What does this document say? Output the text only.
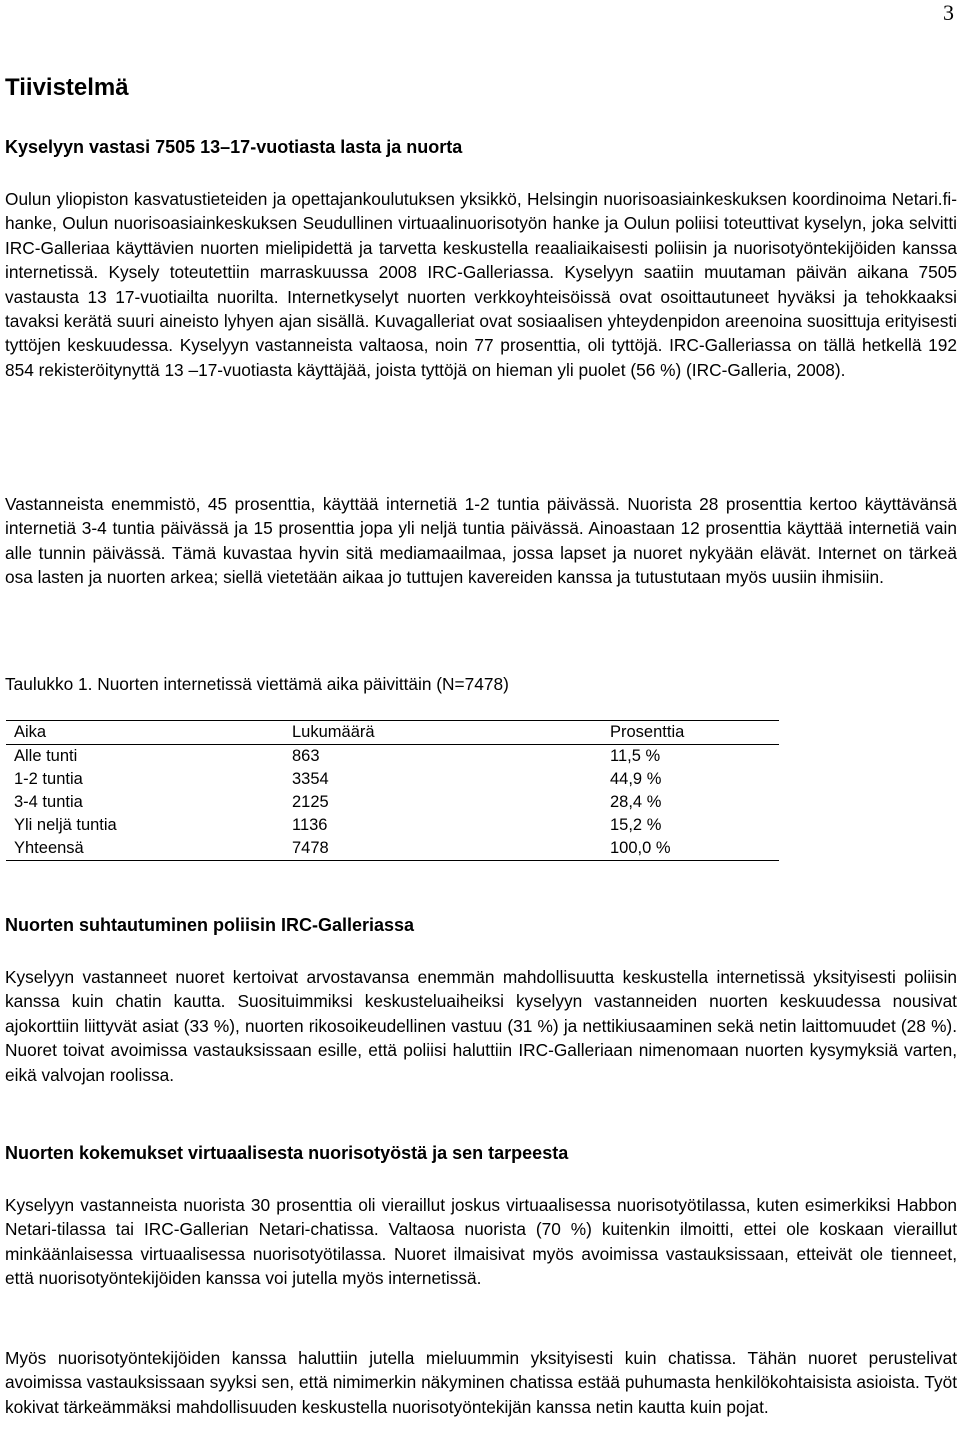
3
Tiivistelmä
Kyselyyn vastasi 7505 13–17-vuotiasta lasta ja nuorta

Oulun yliopiston kasvatustieteiden ja opettajankoulutuksen yksikkö, Helsingin nuorisoasiainkeskuksen koordinoima Netari.fi-hanke, Oulun nuorisoasiainkeskuksen Seudullinen virtuaalinuorisotyön hanke ja Oulun poliisi toteuttivat kyselyn, joka selvitti IRC-Galleriaa käyttävien nuorten mielipidettä ja tarvetta keskustella reaaliaikaisesti poliisin ja nuorisotyöntekijöiden kanssa internetissä. Kysely toteutettiin marraskuussa 2008 IRC-Galleriassa. Kyselyyn saatiin muutaman päivän aikana 7505 vastausta 13 17-vuotiailta nuorilta. Internetkyselyt nuorten verkkoyhteisöissä ovat osoittautuneet hyväksi ja tehokkaaksi tavaksi kerätä suuri aineisto lyhyen ajan sisällä. Kuvagalleriat ovat sosiaalisen yhteydenpidon areenoina suosittuja erityisesti tyttöjen keskuudessa. Kyselyyn vastanneista valtaosa, noin 77 prosenttia, oli tyttöjä. IRC-Galleriassa on tällä hetkellä 192 854 rekisteröitynyttä 13 –17-vuotiasta käyttäjää, joista tyttöjä on hieman yli puolet (56 %) (IRC-Galleria, 2008).

Vastanneista enemmistö, 45 prosenttia, käyttää internetiä 1-2 tuntia päivässä. Nuorista 28 prosenttia kertoo käyttävänsä internetiä 3-4 tuntia päivässä ja 15 prosenttia jopa yli neljä tuntia päivässä. Ainoastaan 12 prosenttia käyttää internetiä vain alle tunnin päivässä. Tämä kuvastaa hyvin sitä mediamaailmaa, jossa lapset ja nuoret nykyään elävät. Internet on tärkeä osa lasten ja nuorten arkea; siellä vietetään aikaa jo tuttujen kavereiden kanssa ja tutustutaan myös uusiin ihmisiin.

Taulukko 1. Nuorten internetissä viettämä aika päivittäin (N=7478)

Aika	Lukumäärä	Prosenttia
Alle tunti	863	11,5 %
1-2 tuntia	3354	44,9 %
3-4 tuntia	2125	28,4 %
Yli neljä tuntia	1136	15,2 %
Yhteensä	7478	100,0 %
Nuorten suhtautuminen poliisin IRC-Galleriassa

Kyselyyn vastanneet nuoret kertoivat arvostavansa enemmän mahdollisuutta keskustella internetissä yksityisesti poliisin kanssa kuin chatin kautta. Suosituimmiksi keskusteluaiheiksi kyselyyn vastanneiden nuorten keskuudessa nousivat ajokorttiin liittyvät asiat (33 %), nuorten rikosoikeudellinen vastuu (31 %) ja nettikiusaaminen sekä netin laittomuudet (28 %). Nuoret toivat avoimissa vastauksissaan esille, että poliisi haluttiin IRC-Galleriaan nimenomaan nuorten kysymyksiä varten, eikä valvojan roolissa.

Nuorten kokemukset virtuaalisesta nuorisotyöstä ja sen tarpeesta

Kyselyyn vastanneista nuorista 30 prosenttia oli vieraillut joskus virtuaalisessa nuorisotyötilassa, kuten esimerkiksi Habbon Netari-tilassa tai IRC-Gallerian Netari-chatissa. Valtaosa nuorista (70 %) kuitenkin ilmoitti, ettei ole koskaan vieraillut minkäänlaisessa virtuaalisessa nuorisotyötilassa. Nuoret ilmaisivat myös avoimissa vastauksissaan, etteivät ole tienneet, että nuorisotyöntekijöiden kanssa voi jutella myös internetissä.

Myös nuorisotyöntekijöiden kanssa haluttiin jutella mieluummin yksityisesti kuin chatissa. Tähän nuoret perustelivat avoimissa vastauksissaan syyksi sen, että nimimerkin näkyminen chatissa estää puhumasta henkilökohtaisista asioista. Työt kokivat tärkeämmäksi mahdollisuuden keskustella nuorisotyöntekijän kanssa netin kautta kuin pojat.
